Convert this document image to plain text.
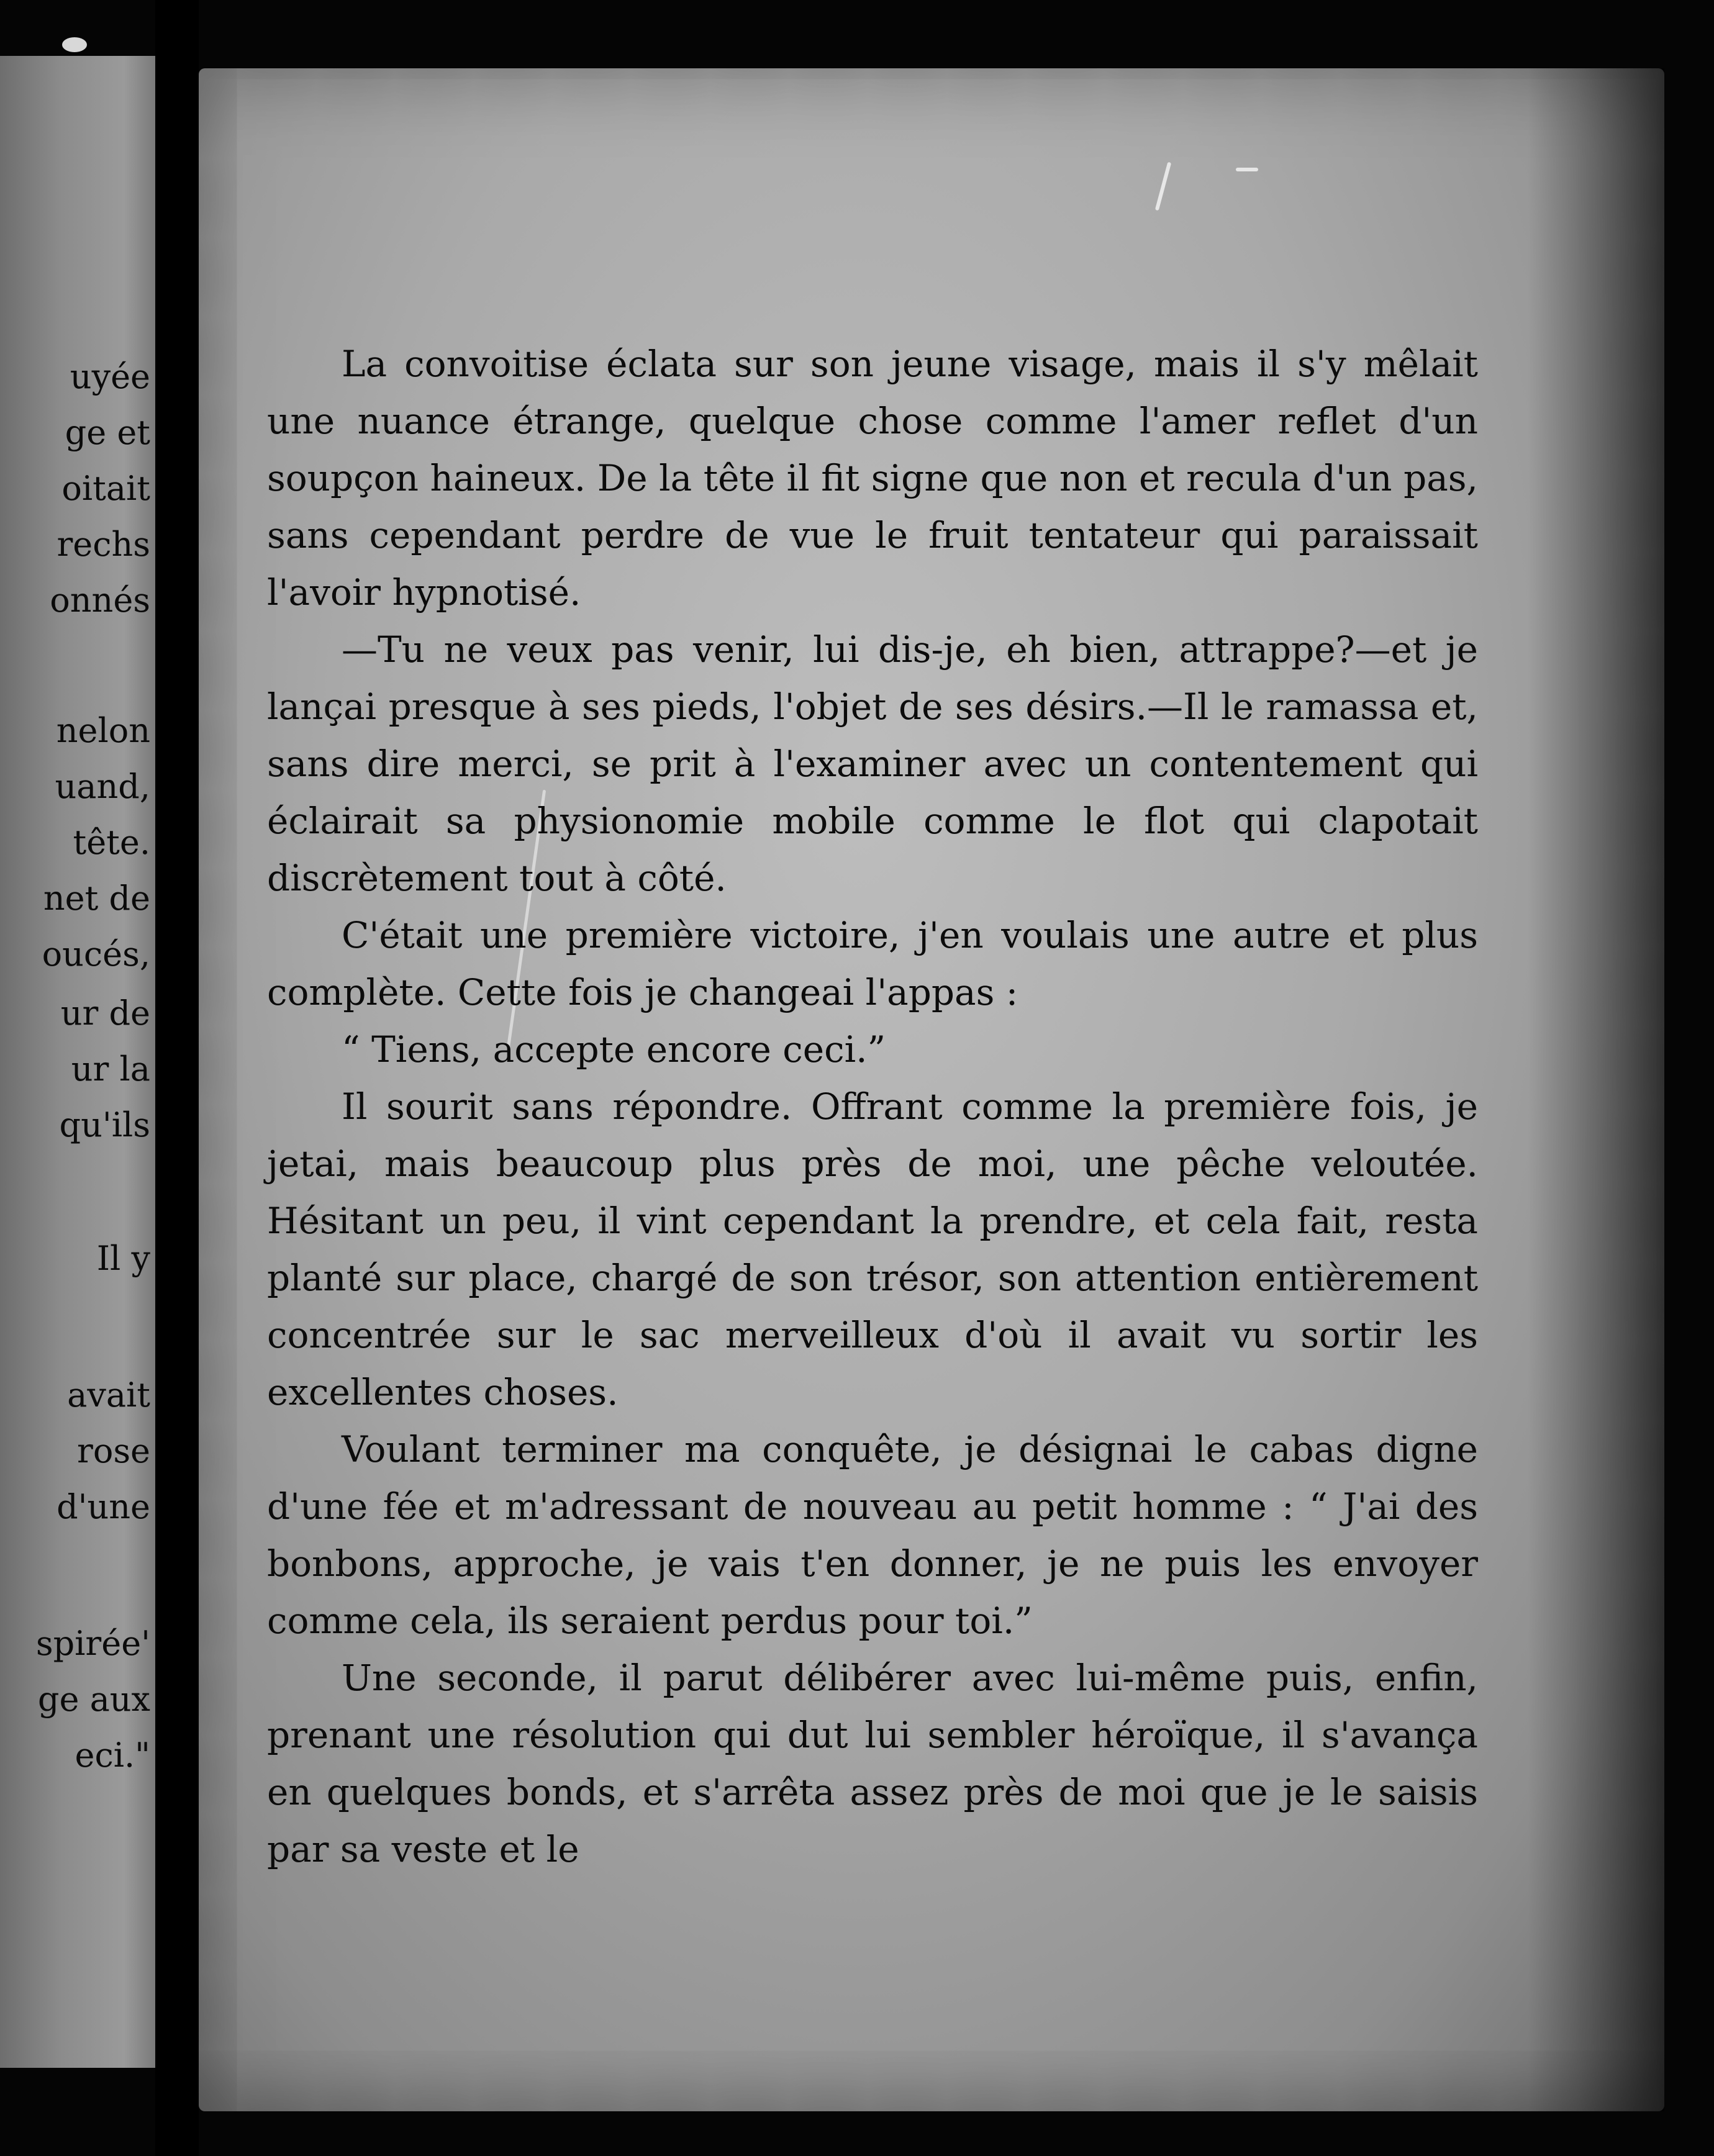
uyée
ge et
oitait
rechs
onnés
nelon
uand,
tête.
net de
oucés,
ur de
ur la
qu'ils
Il y
avait
rose
d'une
spirée'
ge aux
eci."

La convoitise éclata sur son jeune visage, mais il s'y mêlait une nuance étrange, quelque chose comme l'amer reflet d'un soupçon haineux. De la tête il fit signe que non et recula d'un pas, sans cependant perdre de vue le fruit tentateur qui paraissait l'avoir hypnotisé.

—Tu ne veux pas venir, lui dis-je, eh bien, attrappe?—et je lançai presque à ses pieds, l'objet de ses désirs.—Il le ramassa et, sans dire merci, se prit à l'examiner avec un contentement qui éclairait sa physionomie mobile comme le flot qui clapotait discrètement tout à côté.

C'était une première victoire, j'en voulais une autre et plus complète. Cette fois je changeai l'appas :

“ Tiens, accepte encore ceci.”

Il sourit sans répondre. Offrant comme la première fois, je jetai, mais beaucoup plus près de moi, une pêche veloutée. Hésitant un peu, il vint cependant la prendre, et cela fait, resta planté sur place, chargé de son trésor, son attention entièrement concentrée sur le sac merveilleux d'où il avait vu sortir les excellentes choses.

Voulant terminer ma conquête, je désignai le cabas digne d'une fée et m'adressant de nouveau au petit homme : “ J'ai des bonbons, approche, je vais t'en donner, je ne puis les envoyer comme cela, ils seraient perdus pour toi.”

Une seconde, il parut délibérer avec lui-même puis, enfin, prenant une résolution qui dut lui sembler héroïque, il s'avança en quelques bonds, et s'arrêta assez près de moi que je le saisis par sa veste et le
